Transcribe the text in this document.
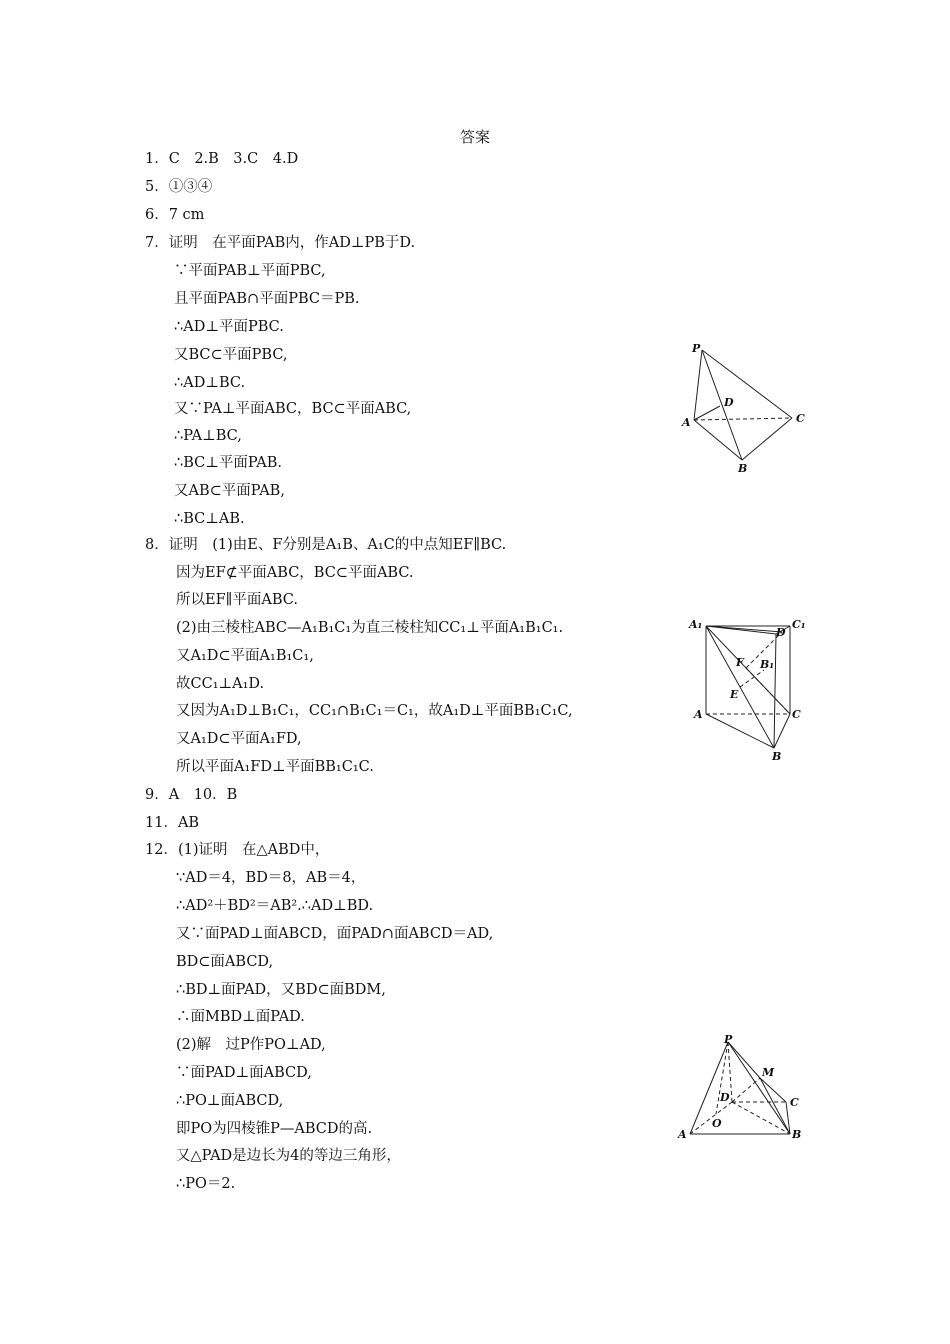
答案
1．C　2.B　3.C　4.D
5．①③④
6．7 cm
7．证明　在平面PAB内，作AD⊥PB于D.
∵平面PAB⊥平面PBC,
且平面PAB∩平面PBC＝PB.
∴AD⊥平面PBC.
又BC⊂平面PBC,
∴AD⊥BC.
又∵PA⊥平面ABC，BC⊂平面ABC,
∴PA⊥BC,
∴BC⊥平面PAB.
又AB⊂平面PAB,
∴BC⊥AB.
8．证明　(1)由E、F分别是A₁B、A₁C的中点知EF∥BC.
因为EF⊄平面ABC，BC⊂平面ABC.
所以EF∥平面ABC.
(2)由三棱柱ABC—A₁B₁C₁为直三棱柱知CC₁⊥平面A₁B₁C₁.
又A₁D⊂平面A₁B₁C₁,
故CC₁⊥A₁D.
又因为A₁D⊥B₁C₁，CC₁∩B₁C₁＝C₁，故A₁D⊥平面BB₁C₁C,
又A₁D⊂平面A₁FD,
所以平面A₁FD⊥平面BB₁C₁C.
9．A　10．B
11．AB
12．(1)证明　在△ABD中，
∵AD＝4，BD＝8，AB＝4，
∴AD²＋BD²＝AB².∴AD⊥BD.
又∵面PAD⊥面ABCD，面PAD∩面ABCD＝AD,
BD⊂面ABCD,
∴BD⊥面PAD，又BD⊂面BDM,
∴面MBD⊥面PAD.
(2)解　过P作PO⊥AD,
∵面PAD⊥面ABCD,
∴PO⊥面ABCD,
即PO为四棱锥P—ABCD的高.
又△PAD是边长为4的等边三角形，
∴PO＝2.
P
D
A	C
B
A₁
D
C₁
F B₁
E
A	C
B
P
M
D	C
A
O
B
